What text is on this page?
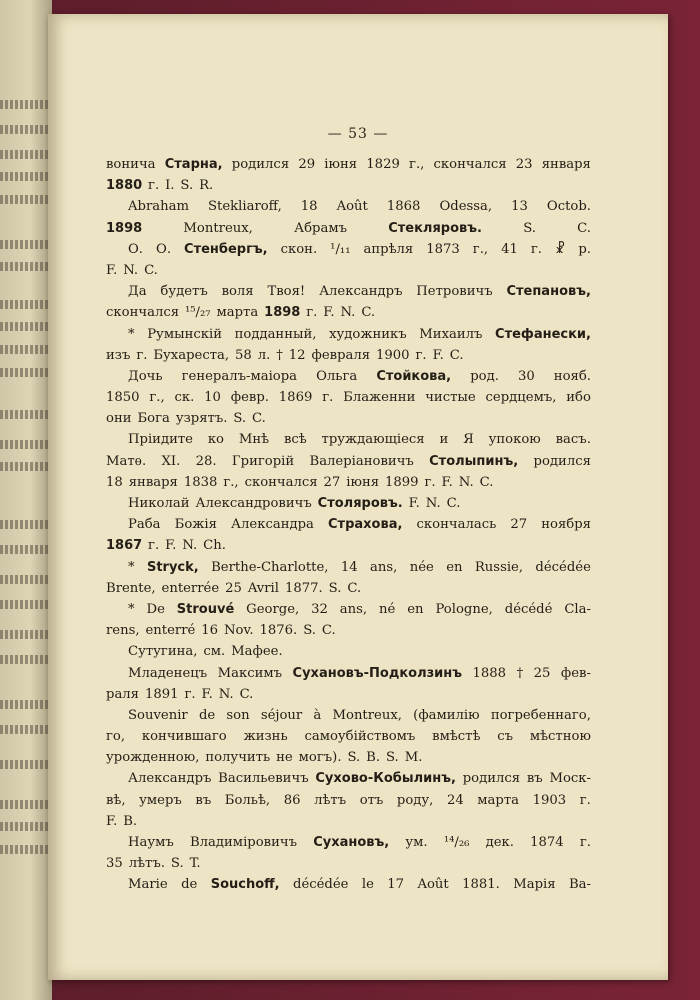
— 53 —
вонича Старна, родился 29 іюня 1829 г., скончался 23 января
1880 г. I. S. R.
Abraham Stekliaroff, 18 Août 1868 Odessa, 13 Octob.
1898	Montreux,	Абрамъ	Стекляровъ.	S.	C.
О. О. Стенбергъ, скон. ¹/₁₁ апрѣля 1873 г., 41 г. ☧ р.
F. N. C.
Да будетъ воля Твоя! Александръ Петровичъ Степановъ,
скончался ¹⁵/₂₇ марта 1898 г. F. N. C.
* Румынскій подданный, художникъ Михаилъ Стефанески,
изъ г. Бухареста, 58 л. † 12 февраля 1900 г. F. C.
Дочь генералъ-маіора Ольга Стойкова, род. 30 нояб.
1850 г., ск. 10 февр. 1869 г. Блаженни чистые сердцемъ, ибо
они Бога узрятъ. S. C.
Пріидите ко Мнѣ всѣ труждающіеся и Я упокою васъ.
Матѳ. XI. 28. Григорій Валеріановичъ Столыпинъ, родился
18 января 1838 г., скончался 27 іюня 1899 г. F. N. C.
Николай Александровичъ Столяровъ. F. N. C.
Раба Божія Александра Страхова, скончалась 27 ноября
1867 г. F. N. Ch.
* Stryck, Berthe-Charlotte, 14 ans, née en Russie, décédée
Brente, enterrée 25 Avril 1877. S. C.
* De Strouvé George, 32 ans, né en Pologne, décédé Cla-
rens, enterré 16 Nov. 1876. S. C.
Сутугина, см. Мафее.
Младенецъ Максимъ Сухановъ-Подколзинъ 1888 † 25 фев-
раля 1891 г. F. N. C.
Souvenir de son séjour à Montreux, (фамилію погребеннаго,
го, кончившаго жизнь самоубійствомъ вмѣстѣ съ мѣстною
урожденною, получить не могъ). S. B. S. M.
Александръ Васильевичъ Сухово-Кобылинъ, родился въ Моск-
вѣ, умеръ въ Больѣ, 86 лѣтъ отъ роду, 24 марта 1903 г.
F. B.
Наумъ Владиміровичъ Сухановъ, ум. ¹⁴/₂₆ дек. 1874 г.
35 лѣтъ. S. T.
Marie de Souchoff, décédée le 17 Août 1881. Марія Ва-
